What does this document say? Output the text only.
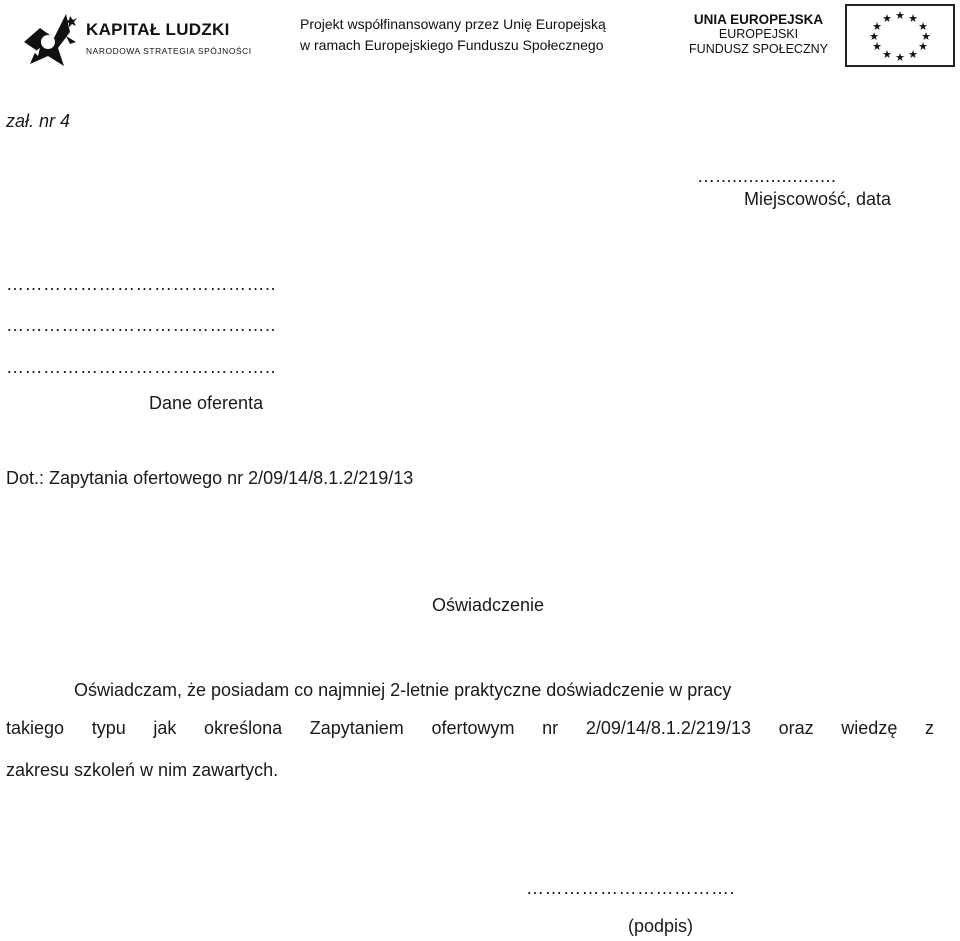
KAPITAŁ LUDZKI
NARODOWA STRATEGIA SPÓJNOŚCI
Projekt współfinansowany przez Unię Europejską
w ramach Europejskiego Funduszu Społecznego
UNIA EUROPEJSKA
EUROPEJSKI
FUNDUSZ SPOŁECZNY
★ ★
★
★
★
★
★
★
★
★
★
★
zał. nr 4
…......................
Miejscowość, data
……………………………………..
……………………………………..
……………………………………..
Dane oferenta
Dot.: Zapytania ofertowego nr 2/09/14/8.1.2/219/13
Oświadczenie
Oświadczam, że posiadam co najmniej 2-letnie praktyczne doświadczenie w pracy
takiego typu jak określona Zapytaniem ofertowym nr 2/09/14/8.1.2/219/13 oraz wiedzę z
zakresu szkoleń w nim zawartych.
…………………………….
(podpis)
